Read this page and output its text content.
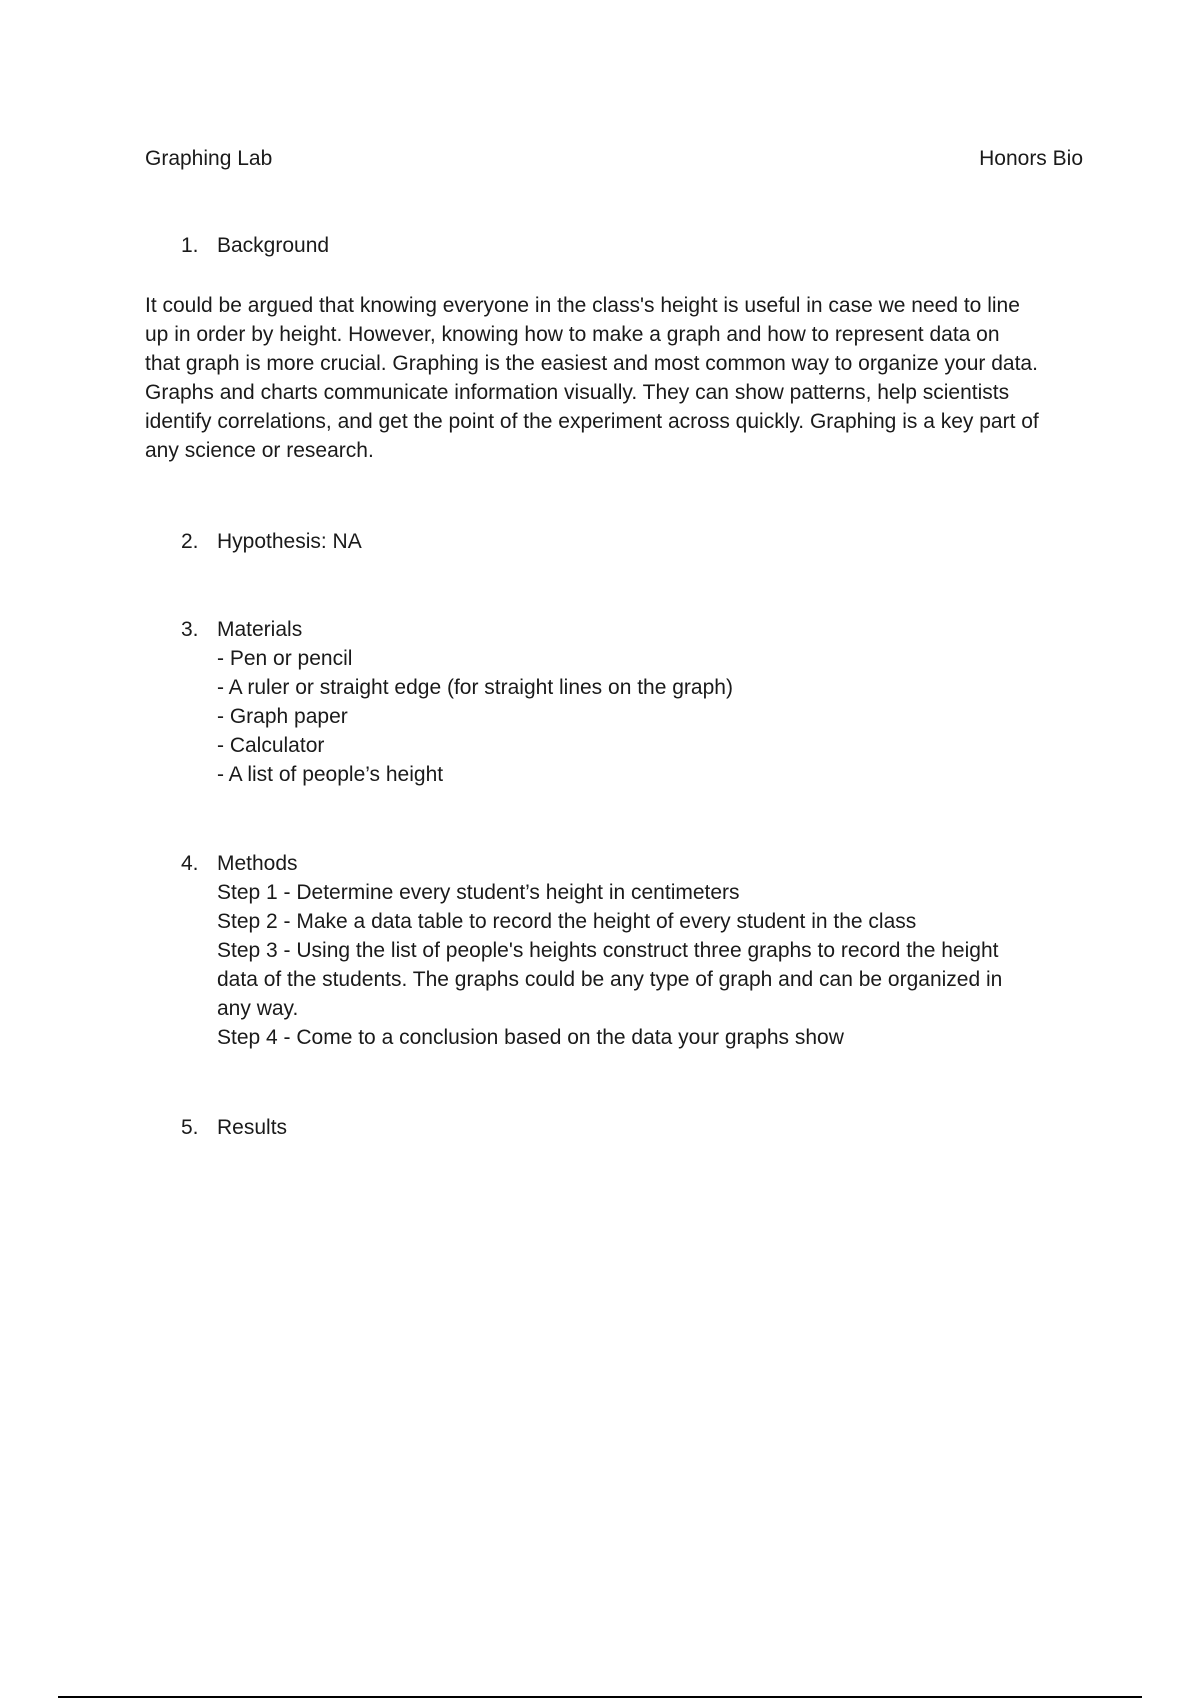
Graphing Lab	Honors Bio
1. Background
It could be argued that knowing everyone in the class's height is useful in case we need to line
up in order by height. However, knowing how to make a graph and how to represent data on
that graph is more crucial. Graphing is the easiest and most common way to organize your data.
Graphs and charts communicate information visually. They can show patterns, help scientists
identify correlations, and get the point of the experiment across quickly. Graphing is a key part of
any science or research.
2. Hypothesis: NA
3. Materials
- Pen or pencil
- A ruler or straight edge (for straight lines on the graph)
- Graph paper
- Calculator
- A list of people’s height
4. Methods
Step 1 - Determine every student’s height in centimeters
Step 2 - Make a data table to record the height of every student in the class
Step 3 - Using the list of people's heights construct three graphs to record the height
data of the students. The graphs could be any type of graph and can be organized in
any way.
Step 4 - Come to a conclusion based on the data your graphs show
5. Results
